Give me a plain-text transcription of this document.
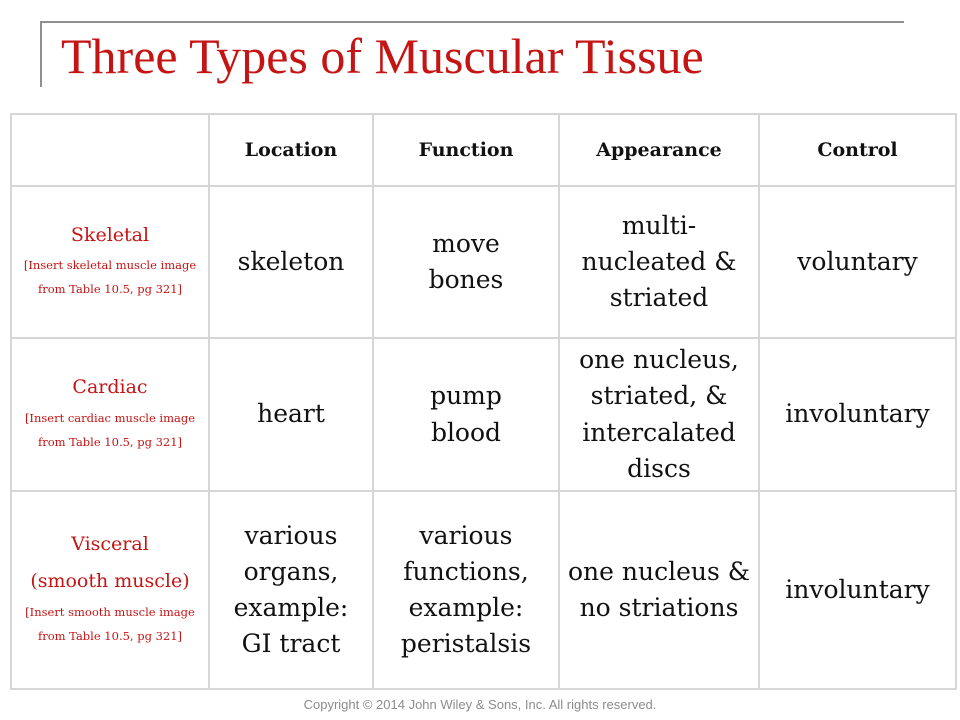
Three Types of Muscular Tissue
	Location	Function	Appearance	Control

Skeletal
[Insert skeletal muscle image from Table 10.5, pg 321]	skeleton	move bones	multi-nucleated & striated	voluntary

Cardiac
[Insert cardiac muscle image from Table 10.5, pg 321]	heart	pump blood	one nucleus, striated, & intercalated discs	involuntary

Visceral
(smooth muscle)
[Insert smooth muscle image from Table 10.5, pg 321]	various organs, example: GI tract	various functions, example: peristalsis	one nucleus & no striations	involuntary
Copyright © 2014 John Wiley & Sons, Inc. All rights reserved.
